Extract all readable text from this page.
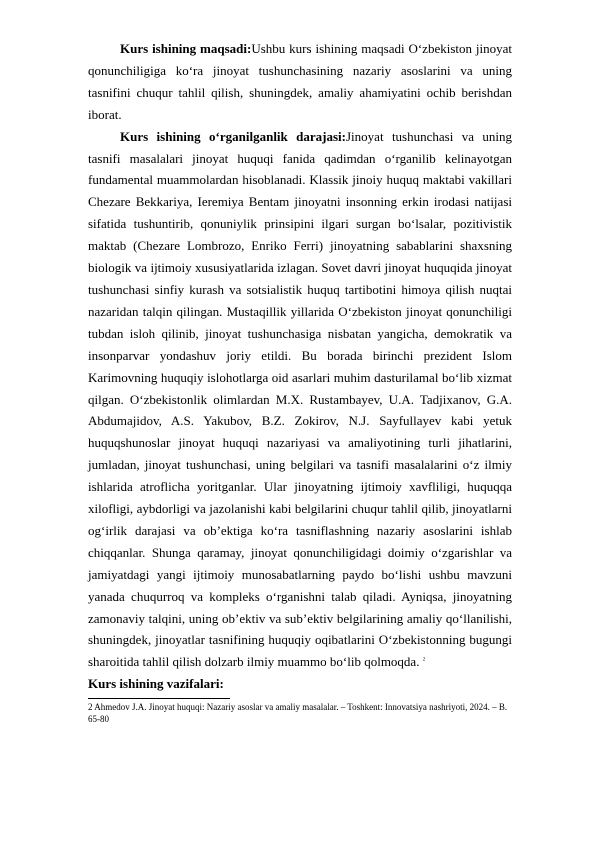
Kurs ishining maqsadi:Ushbu kurs ishining maqsadi O‘zbekiston jinoyat qonunchiligiga ko‘ra jinoyat tushunchasining nazariy asoslarini va uning tasnifini chuqur tahlil qilish, shuningdek, amaliy ahamiyatini ochib berishdan iborat.

Kurs ishining o‘rganilganlik darajasi:Jinoyat tushunchasi va uning tasnifi masalalari jinoyat huquqi fanida qadimdan o‘rganilib kelinayotgan fundamental muammolardan hisoblanadi. Klassik jinoiy huquq maktabi vakillari Chezare Bekkariya, Ieremiya Bentam jinoyatni insonning erkin irodasi natijasi sifatida tushuntirib, qonuniylik prinsipini ilgari surgan bo‘lsalar, pozitivistik maktab (Chezare Lombrozo, Enriko Ferri) jinoyatning sabablarini shaxsning biologik va ijtimoiy xususiyatlarida izlagan. Sovet davri jinoyat huquqida jinoyat tushunchasi sinfiy kurash va sotsialistik huquq tartibotini himoya qilish nuqtai nazaridan talqin qilingan. Mustaqillik yillarida O‘zbekiston jinoyat qonunchiligi tubdan isloh qilinib, jinoyat tushunchasiga nisbatan yangicha, demokratik va insonparvar yondashuv joriy etildi. Bu borada birinchi prezident Islom Karimovning huquqiy islohotlarga oid asarlari muhim dasturilamal bo‘lib xizmat qilgan. O‘zbekistonlik olimlardan M.X. Rustambayev, U.A. Tadjixanov, G.A. Abdumajidov, A.S. Yakubov, B.Z. Zokirov, N.J. Sayfullayev kabi yetuk huquqshunoslar jinoyat huquqi nazariyasi va amaliyotining turli jihatlarini, jumladan, jinoyat tushunchasi, uning belgilari va tasnifi masalalarini o‘z ilmiy ishlarida atroflicha yoritganlar. Ular jinoyatning ijtimoiy xavfliligi, huquqqa xilofligi, aybdorligi va jazolanishi kabi belgilarini chuqur tahlil qilib, jinoyatlarni og‘irlik darajasi va ob’ektiga ko‘ra tasniflashning nazariy asoslarini ishlab chiqqanlar. Shunga qaramay, jinoyat qonunchiligidagi doimiy o‘zgarishlar va jamiyatdagi yangi ijtimoiy munosabatlarning paydo bo‘lishi ushbu mavzuni yanada chuqurroq va kompleks o‘rganishni talab qiladi. Ayniqsa, jinoyatning zamonaviy talqini, uning ob’ektiv va sub’ektiv belgilarining amaliy qo‘llanilishi, shuningdek, jinoyatlar tasnifining huquqiy oqibatlarini O‘zbekistonning bugungi sharoitida tahlil qilish dolzarb ilmiy muammo bo‘lib qolmoqda. $^2$

Kurs ishining vazifalari:

2 Ahmedov J.A. Jinoyat huquqi: Nazariy asoslar va amaliy masalalar. – Toshkent: Innovatsiya nashriyoti, 2024. – B. 65-80
